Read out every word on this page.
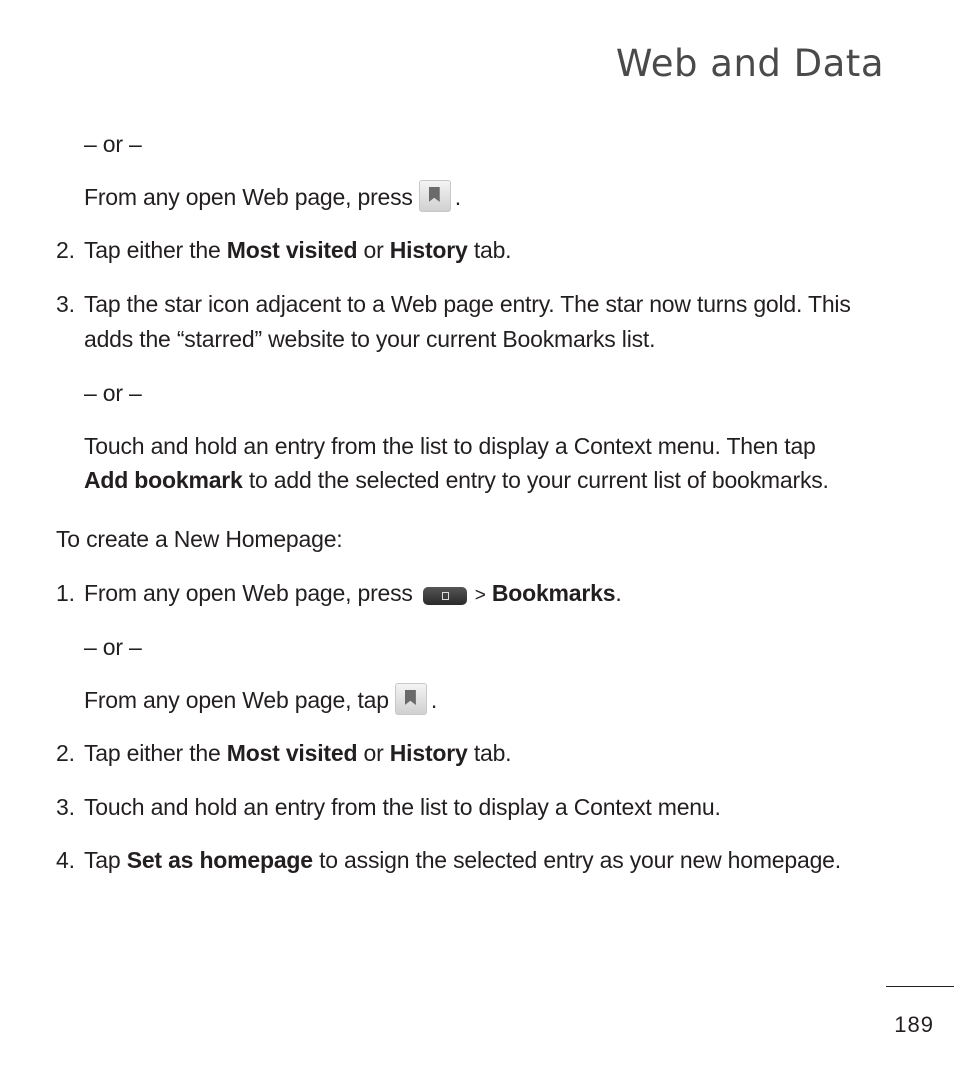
Web and Data
– or –
From any open Web page, press .
2. Tap either the Most visited or History tab.
3. Tap the star icon adjacent to a Web page entry. The star now turns gold. This
adds the “starred” website to your current Bookmarks list.
– or –
Touch and hold an entry from the list to display a Context menu. Then tap
Add bookmark to add the selected entry to your current list of bookmarks.
To create a New Homepage:
1. From any open Web page, press	> Bookmarks.
– or –
From any open Web page, tap .
2. Tap either the Most visited or History tab.
3. Touch and hold an entry from the list to display a Context menu.
4. Tap Set as homepage to assign the selected entry as your new homepage.
189
